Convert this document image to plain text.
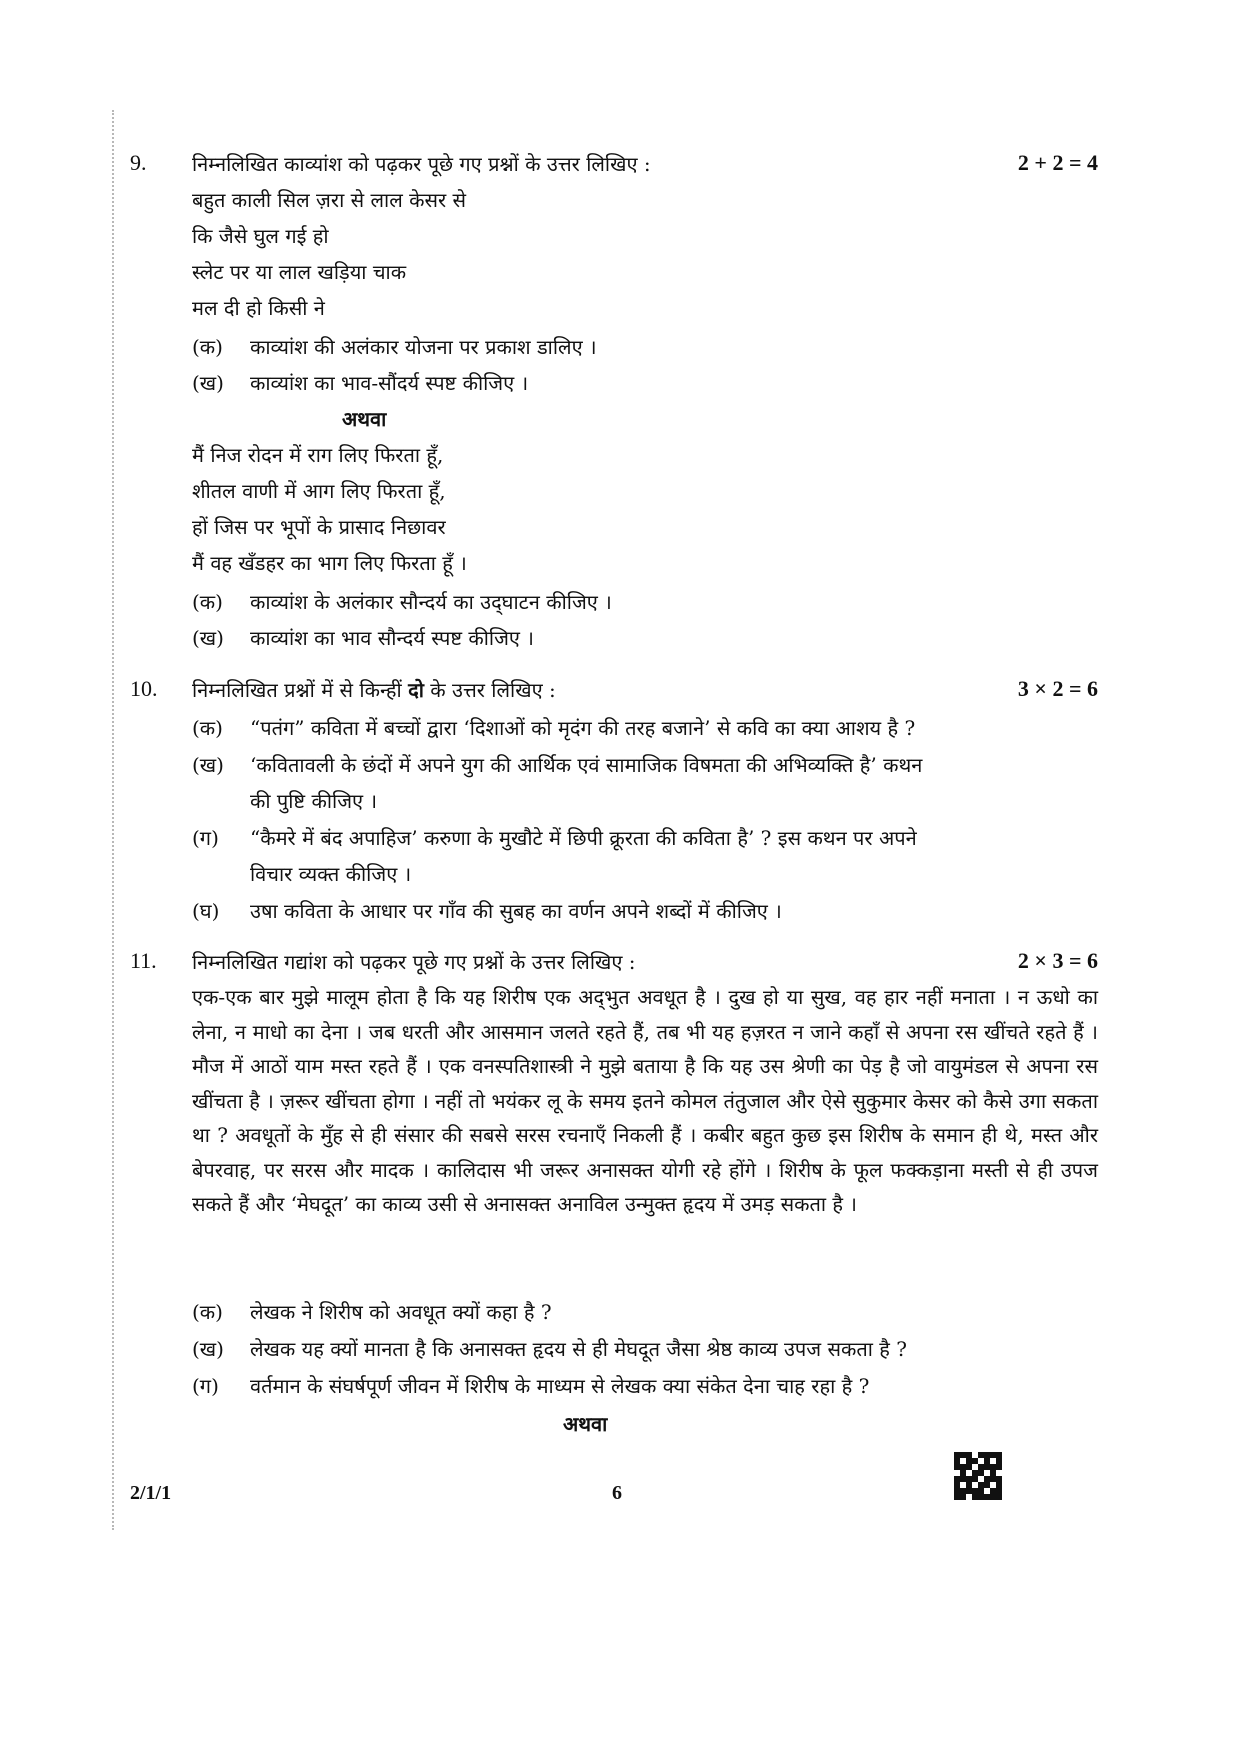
9. निम्नलिखित काव्यांश को पढ़कर पूछे गए प्रश्नों के उत्तर लिखिए :	2 + 2 = 4
बहुत काली सिल ज़रा से लाल केसर से
कि जैसे घुल गई हो
स्लेट पर या लाल खड़िया चाक
मल दी हो किसी ने
(क) काव्यांश की अलंकार योजना पर प्रकाश डालिए ।
(ख) काव्यांश का भाव-सौंदर्य स्पष्ट कीजिए ।
अथवा
मैं निज रोदन में राग लिए फिरता हूँ,
शीतल वाणी में आग लिए फिरता हूँ,
हों जिस पर भूपों के प्रासाद निछावर
मैं वह खँडहर का भाग लिए फिरता हूँ ।
(क) काव्यांश के अलंकार सौन्दर्य का उद्‌घाटन कीजिए ।
(ख) काव्यांश का भाव सौन्दर्य स्पष्ट कीजिए ।
10. निम्नलिखित प्रश्नों में से किन्हीं दो के उत्तर लिखिए :	3 × 2 = 6
(क) “पतंग” कविता में बच्चों द्वारा ‘दिशाओं को मृदंग की तरह बजाने’ से कवि का क्या आशय है ?
(ख) ‘कवितावली के छंदों में अपने युग की आर्थिक एवं सामाजिक विषमता की अभिव्यक्ति है’ कथन
की पुष्टि कीजिए ।
(ग) “कैमरे में बंद अपाहिज’ करुणा के मुखौटे में छिपी क्रूरता की कविता है’ ? इस कथन पर अपने
विचार व्यक्त कीजिए ।
(घ) उषा कविता के आधार पर गाँव की सुबह का वर्णन अपने शब्दों में कीजिए ।
11. निम्नलिखित गद्यांश को पढ़कर पूछे गए प्रश्नों के उत्तर लिखिए :	2 × 3 = 6
एक-एक बार मुझे मालूम होता है कि यह शिरीष एक अद्‌भुत अवधूत है । दुख हो या सुख, वह हार नहीं मनाता । न ऊधो का लेना, न माधो का देना । जब धरती और आसमान जलते रहते हैं, तब भी यह हज़रत न जाने कहाँ से अपना रस खींचते रहते हैं । मौज में आठों याम मस्त रहते हैं । एक वनस्पतिशास्त्री ने मुझे बताया है कि यह उस श्रेणी का पेड़ है जो वायुमंडल से अपना रस खींचता है । ज़रूर खींचता होगा । नहीं तो भयंकर लू के समय इतने कोमल तंतुजाल और ऐसे सुकुमार केसर को कैसे उगा सकता था ? अवधूतों के मुँह से ही संसार की सबसे सरस रचनाएँ निकली हैं । कबीर बहुत कुछ इस शिरीष के समान ही थे, मस्त और बेपरवाह, पर सरस और मादक । कालिदास भी जरूर अनासक्त योगी रहे होंगे । शिरीष के फूल फक्कड़ाना मस्ती से ही उपज सकते हैं और ‘मेघदूत’ का काव्य उसी से अनासक्त अनाविल उन्मुक्त हृदय में उमड़ सकता है ।
(क) लेखक ने शिरीष को अवधूत क्यों कहा है ?
(ख) लेखक यह क्यों मानता है कि अनासक्त हृदय से ही मेघदूत जैसा श्रेष्ठ काव्य उपज सकता है ?
(ग) वर्तमान के संघर्षपूर्ण जीवन में शिरीष के माध्यम से लेखक क्या संकेत देना चाह रहा है ?
अथवा
2/1/1	6
